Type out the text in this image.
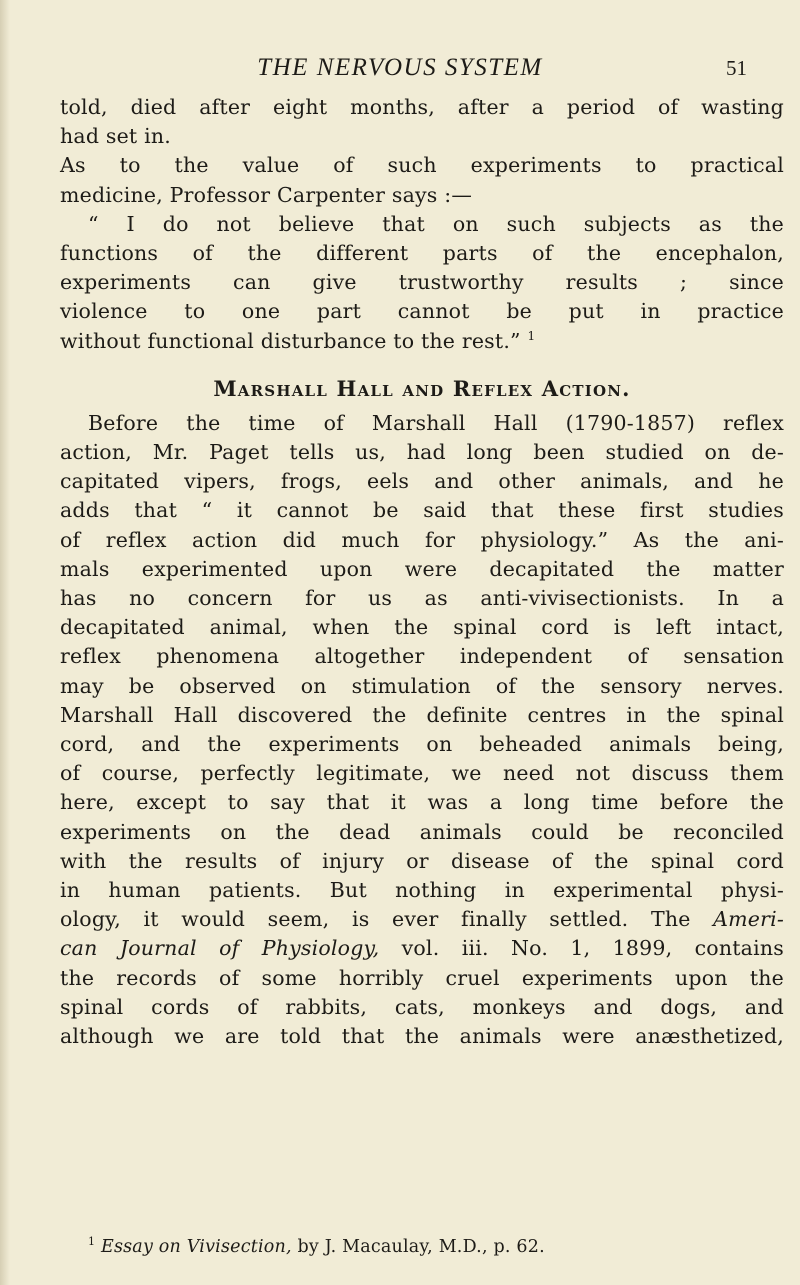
THE NERVOUS SYSTEM	51
told, died after eight months, after a period of wasting
had set in.
As to the value of such experiments to practical
medicine, Professor Carpenter says :—
“ I do not believe that on such subjects as the
functions of the different parts of the encephalon,
experiments can give trustworthy results ; since
violence to one part cannot be put in practice
without functional disturbance to the rest.” $^1$
Marshall Hall and Reflex Action.
Before the time of Marshall Hall (1790-1857) reflex
action, Mr. Paget tells us, had long been studied on de-
capitated vipers, frogs, eels and other animals, and he
adds that “ it cannot be said that these first studies
of reflex action did much for physiology.” As the ani-
mals experimented upon were decapitated the matter
has no concern for us as anti-vivisectionists. In a
decapitated animal, when the spinal cord is left intact,
reflex phenomena altogether independent of sensation
may be observed on stimulation of the sensory nerves.
Marshall Hall discovered the definite centres in the spinal
cord, and the experiments on beheaded animals being,
of course, perfectly legitimate, we need not discuss them
here, except to say that it was a long time before the
experiments on the dead animals could be reconciled
with the results of injury or disease of the spinal cord
in human patients. But nothing in experimental physi-
ology, it would seem, is ever finally settled. The Ameri-
can Journal of Physiology, vol. iii. No. 1, 1899, contains
the records of some horribly cruel experiments upon the
spinal cords of rabbits, cats, monkeys and dogs, and
although we are told that the animals were anæsthetized,
$^1$ Essay on Vivisection, by J. Macaulay, M.D., p. 62.
